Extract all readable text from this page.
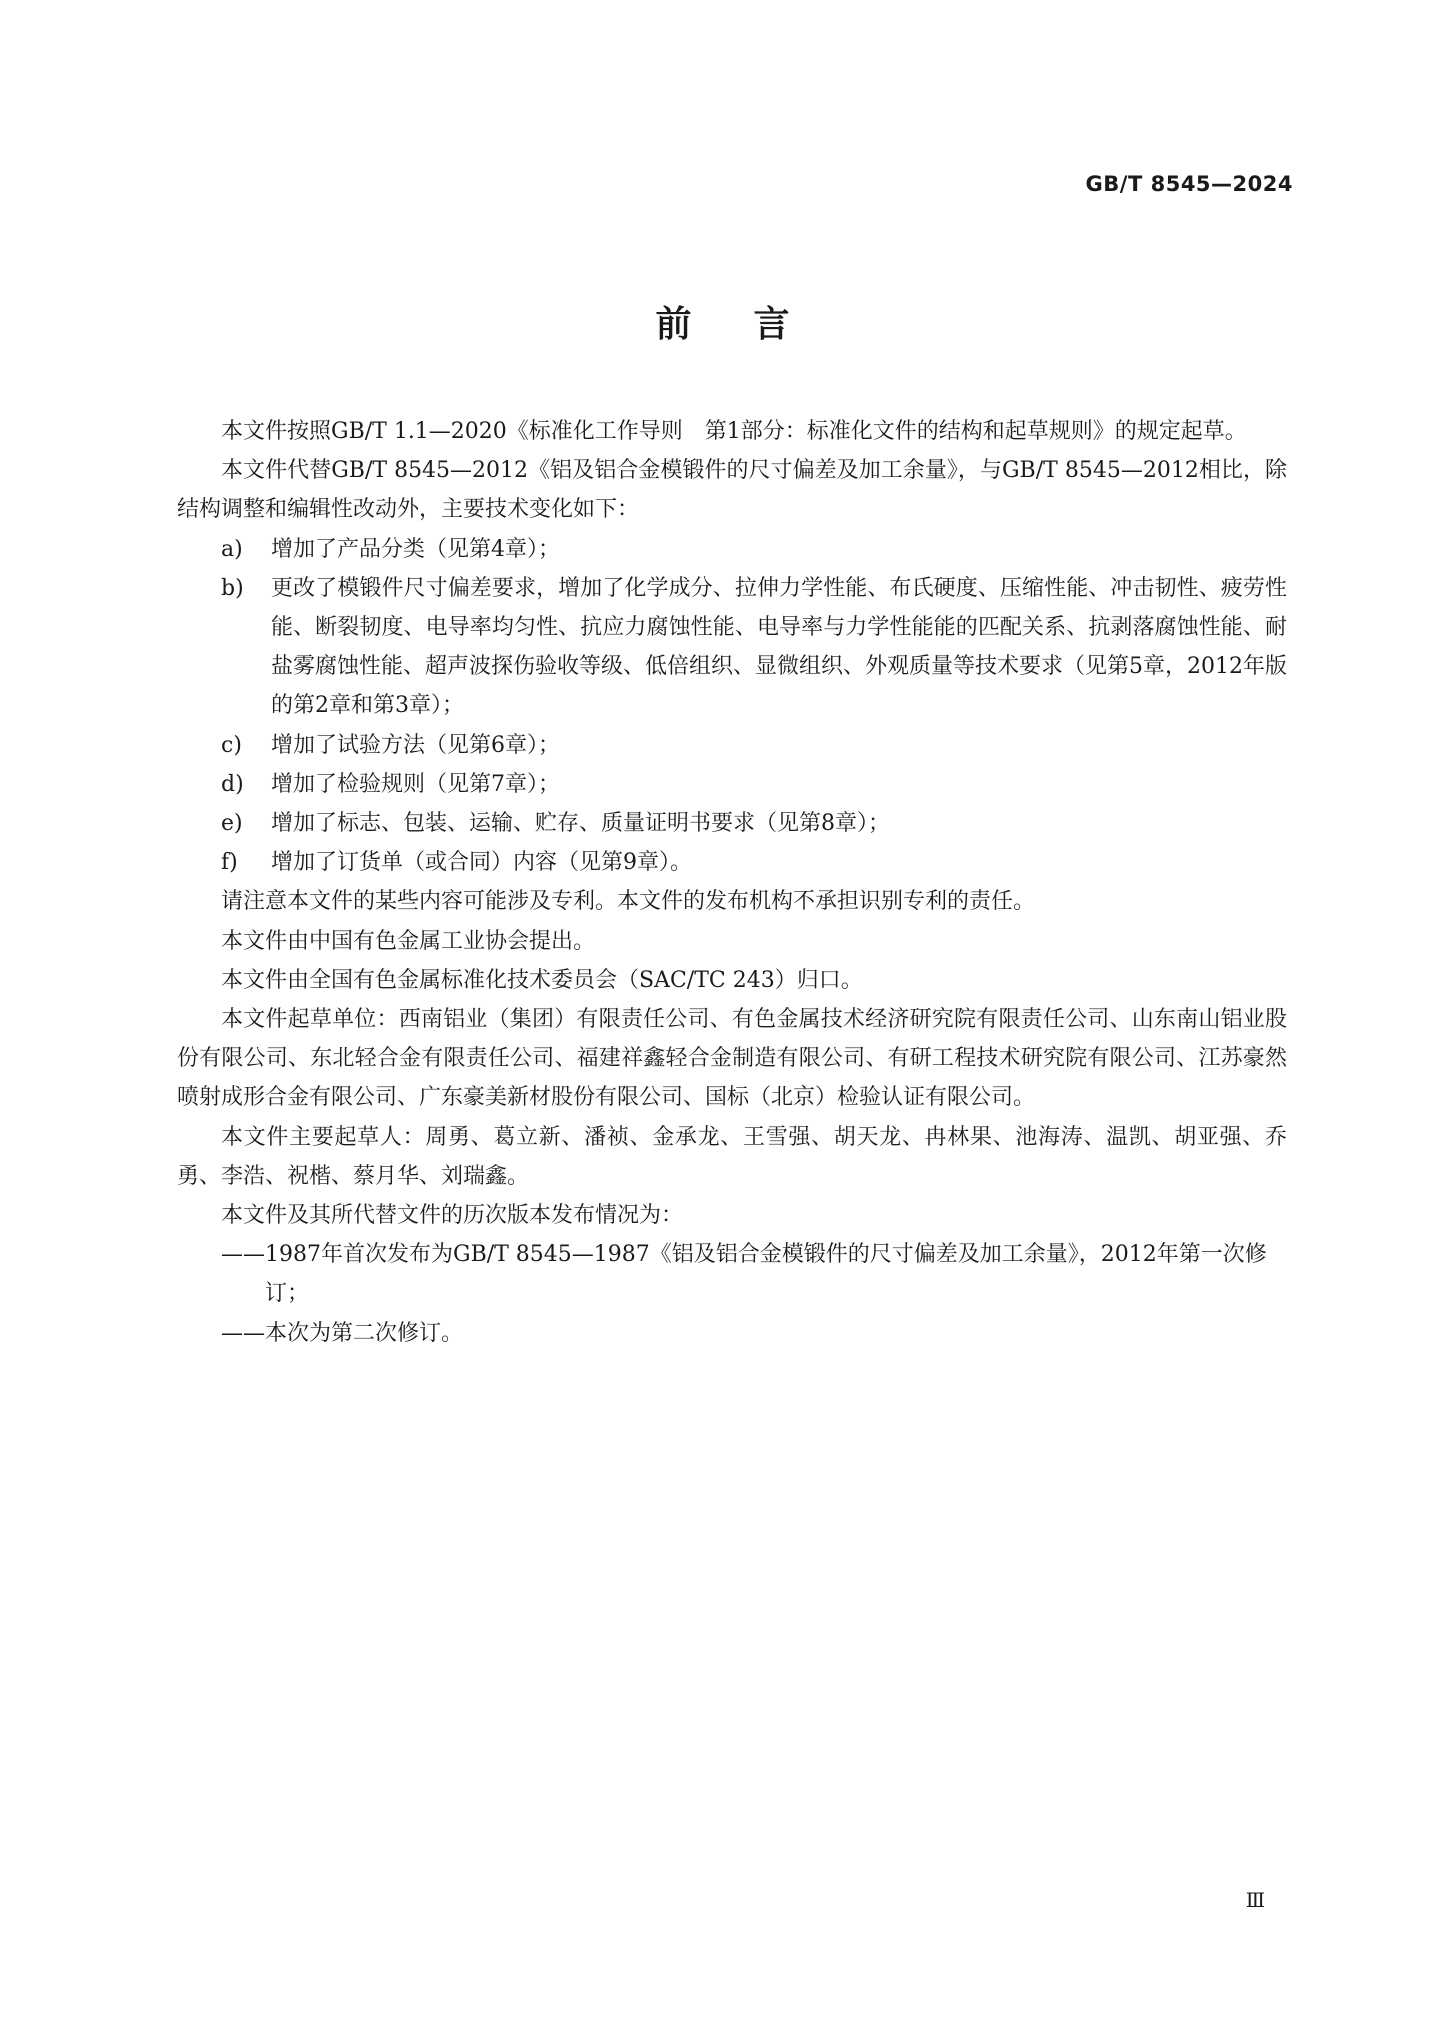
GB/T 8545—2024
前言

本文件按照GB/T 1.1—2020《标准化工作导则　第1部分：标准化文件的结构和起草规则》的规定起草。

本文件代替GB/T 8545—2012《铝及铝合金模锻件的尺寸偏差及加工余量》，与GB/T 8545—2012相比，除结构调整和编辑性改动外，主要技术变化如下：

a)	增加了产品分类（见第4章）；
b)	更改了模锻件尺寸偏差要求，增加了化学成分、拉伸力学性能、布氏硬度、压缩性能、冲击韧性、疲劳性能、断裂韧度、电导率均匀性、抗应力腐蚀性能、电导率与力学性能能的匹配关系、抗剥落腐蚀性能、耐盐雾腐蚀性能、超声波探伤验收等级、低倍组织、显微组织、外观质量等技术要求（见第5章，2012年版的第2章和第3章）；
c)	增加了试验方法（见第6章）；
d)	增加了检验规则（见第7章）；
e)	增加了标志、包装、运输、贮存、质量证明书要求（见第8章）；
f)	增加了订货单（或合同）内容（见第9章）。

请注意本文件的某些内容可能涉及专利。本文件的发布机构不承担识别专利的责任。

本文件由中国有色金属工业协会提出。

本文件由全国有色金属标准化技术委员会（SAC/TC 243）归口。

本文件起草单位：西南铝业（集团）有限责任公司、有色金属技术经济研究院有限责任公司、山东南山铝业股份有限公司、东北轻合金有限责任公司、福建祥鑫轻合金制造有限公司、有研工程技术研究院有限公司、江苏豪然喷射成形合金有限公司、广东豪美新材股份有限公司、国标（北京）检验认证有限公司。

本文件主要起草人：周勇、葛立新、潘祯、金承龙、王雪强、胡天龙、冉林果、池海涛、温凯、胡亚强、乔勇、李浩、祝楷、蔡月华、刘瑞鑫。

本文件及其所代替文件的历次版本发布情况为：

—— 1987年首次发布为GB/T 8545—1987《铝及铝合金模锻件的尺寸偏差及加工余量》，2012年第一次修订；
—— 本次为第二次修订。
Ⅲ
